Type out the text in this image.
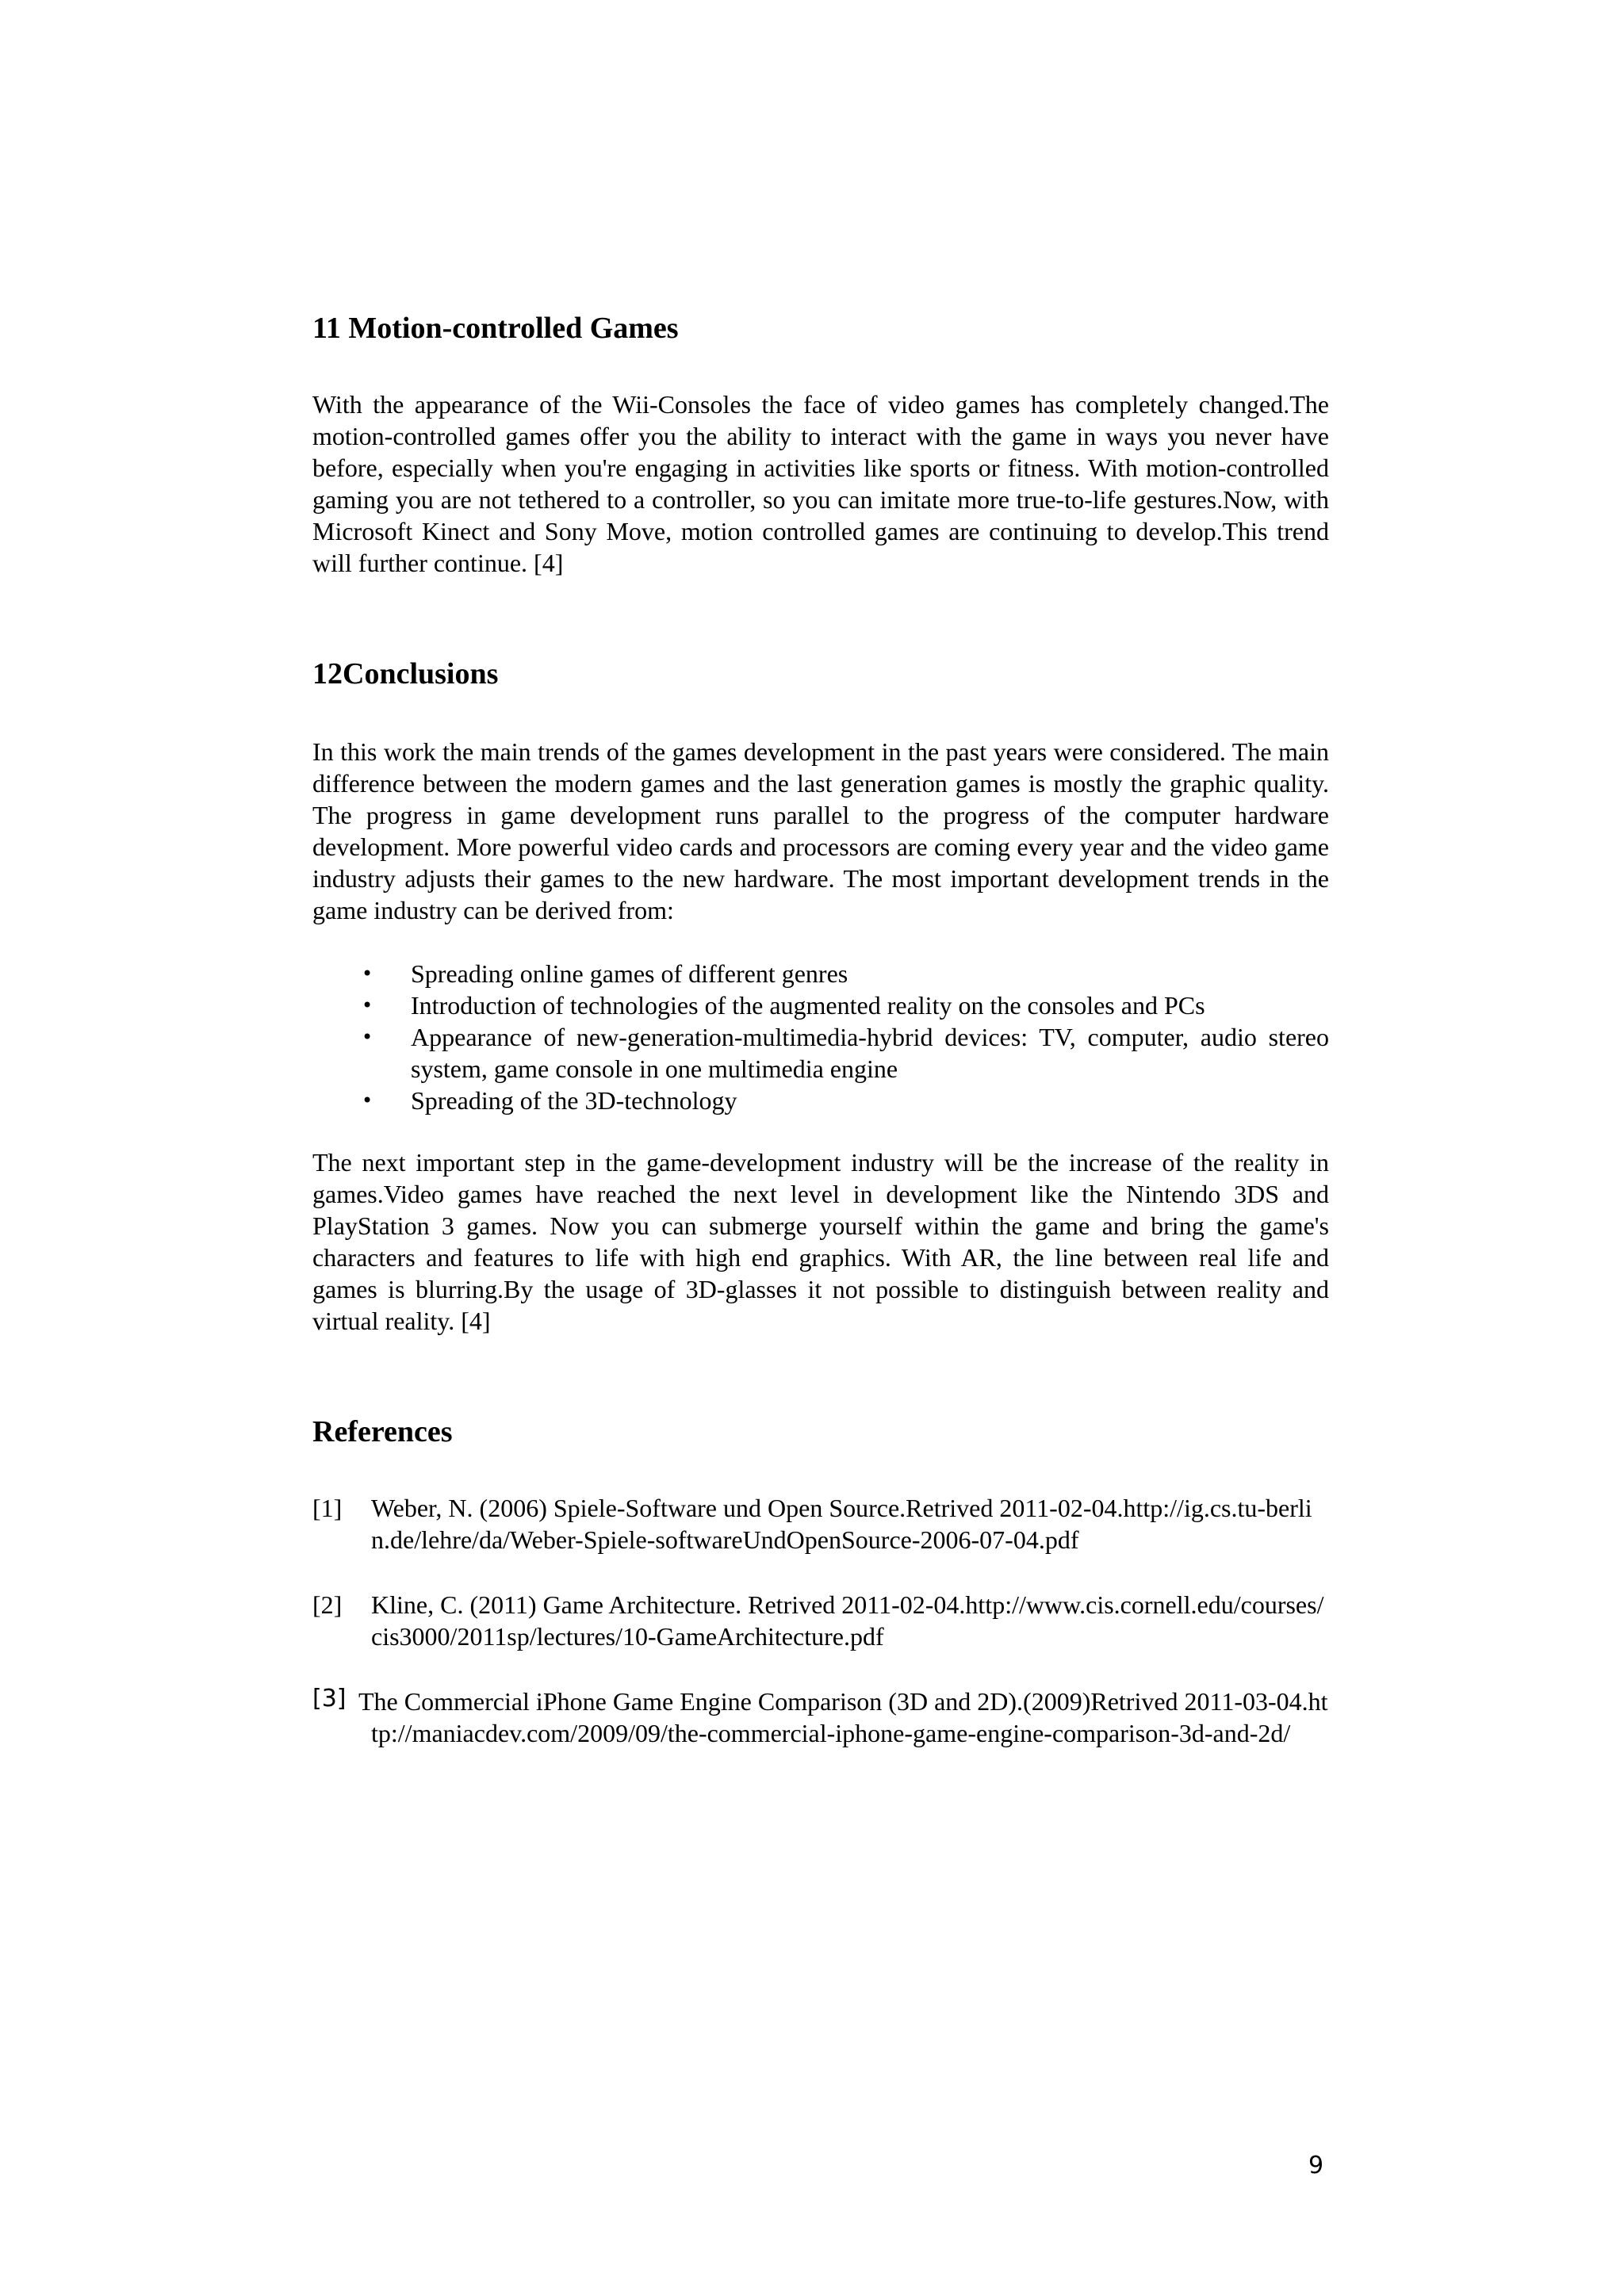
11 Motion-controlled Games

With the appearance of the Wii-Consoles the face of video games has completely changed.The motion-controlled games offer you the ability to interact with the game in ways you never have before, especially when you're engaging in activities like sports or fitness. With motion-controlled gaming you are not tethered to a controller, so you can imitate more true-to-life gestures.Now, with Microsoft Kinect and Sony Move, motion controlled games are continuing to develop.This trend will further continue. [4]

12Conclusions

In this work the main trends of the games development in the past years were considered. The main difference between the modern games and the last generation games is mostly the graphic quality. The progress in game development runs parallel to the progress of the computer hardware development. More powerful video cards and processors are coming every year and the video game industry adjusts their games to the new hardware. The most important development trends in the game industry can be derived from:

• Spreading online games of different genres
• Introduction of technologies of the augmented reality on the consoles and PCs
• Appearance of new-generation-multimedia-hybrid devices: TV, computer, audio stereo system, game console in one multimedia engine
• Spreading of the 3D-technology

The next important step in the game-development industry will be the increase of the reality in games.Video games have reached the next level in development like the Nintendo 3DS and PlayStation 3 games. Now you can submerge yourself within the game and bring the game's characters and features to life with high end graphics. With AR, the line between real life and games is blurring.By the usage of 3D-glasses it not possible to distinguish between reality and virtual reality. [4]

References
[1] Weber, N. (2006) Spiele-Software und Open Source.Retrived 2011-02-04.http://ig.cs.tu-berlin.de/lehre/da/Weber-Spiele-softwareUndOpenSource-2006-07-04.pdf
[2] Kline, C. (2011) Game Architecture. Retrived 2011-02-04.http://www.cis.cornell.edu/courses/cis3000/2011sp/lectures/10-GameArchitecture.pdf
[3] The Commercial iPhone Game Engine Comparison (3D and 2D).(2009)Retrived 2011-03-04.http://maniacdev.com/2009/09/the-commercial-iphone-game-engine-comparison-3d-and-2d/
9
